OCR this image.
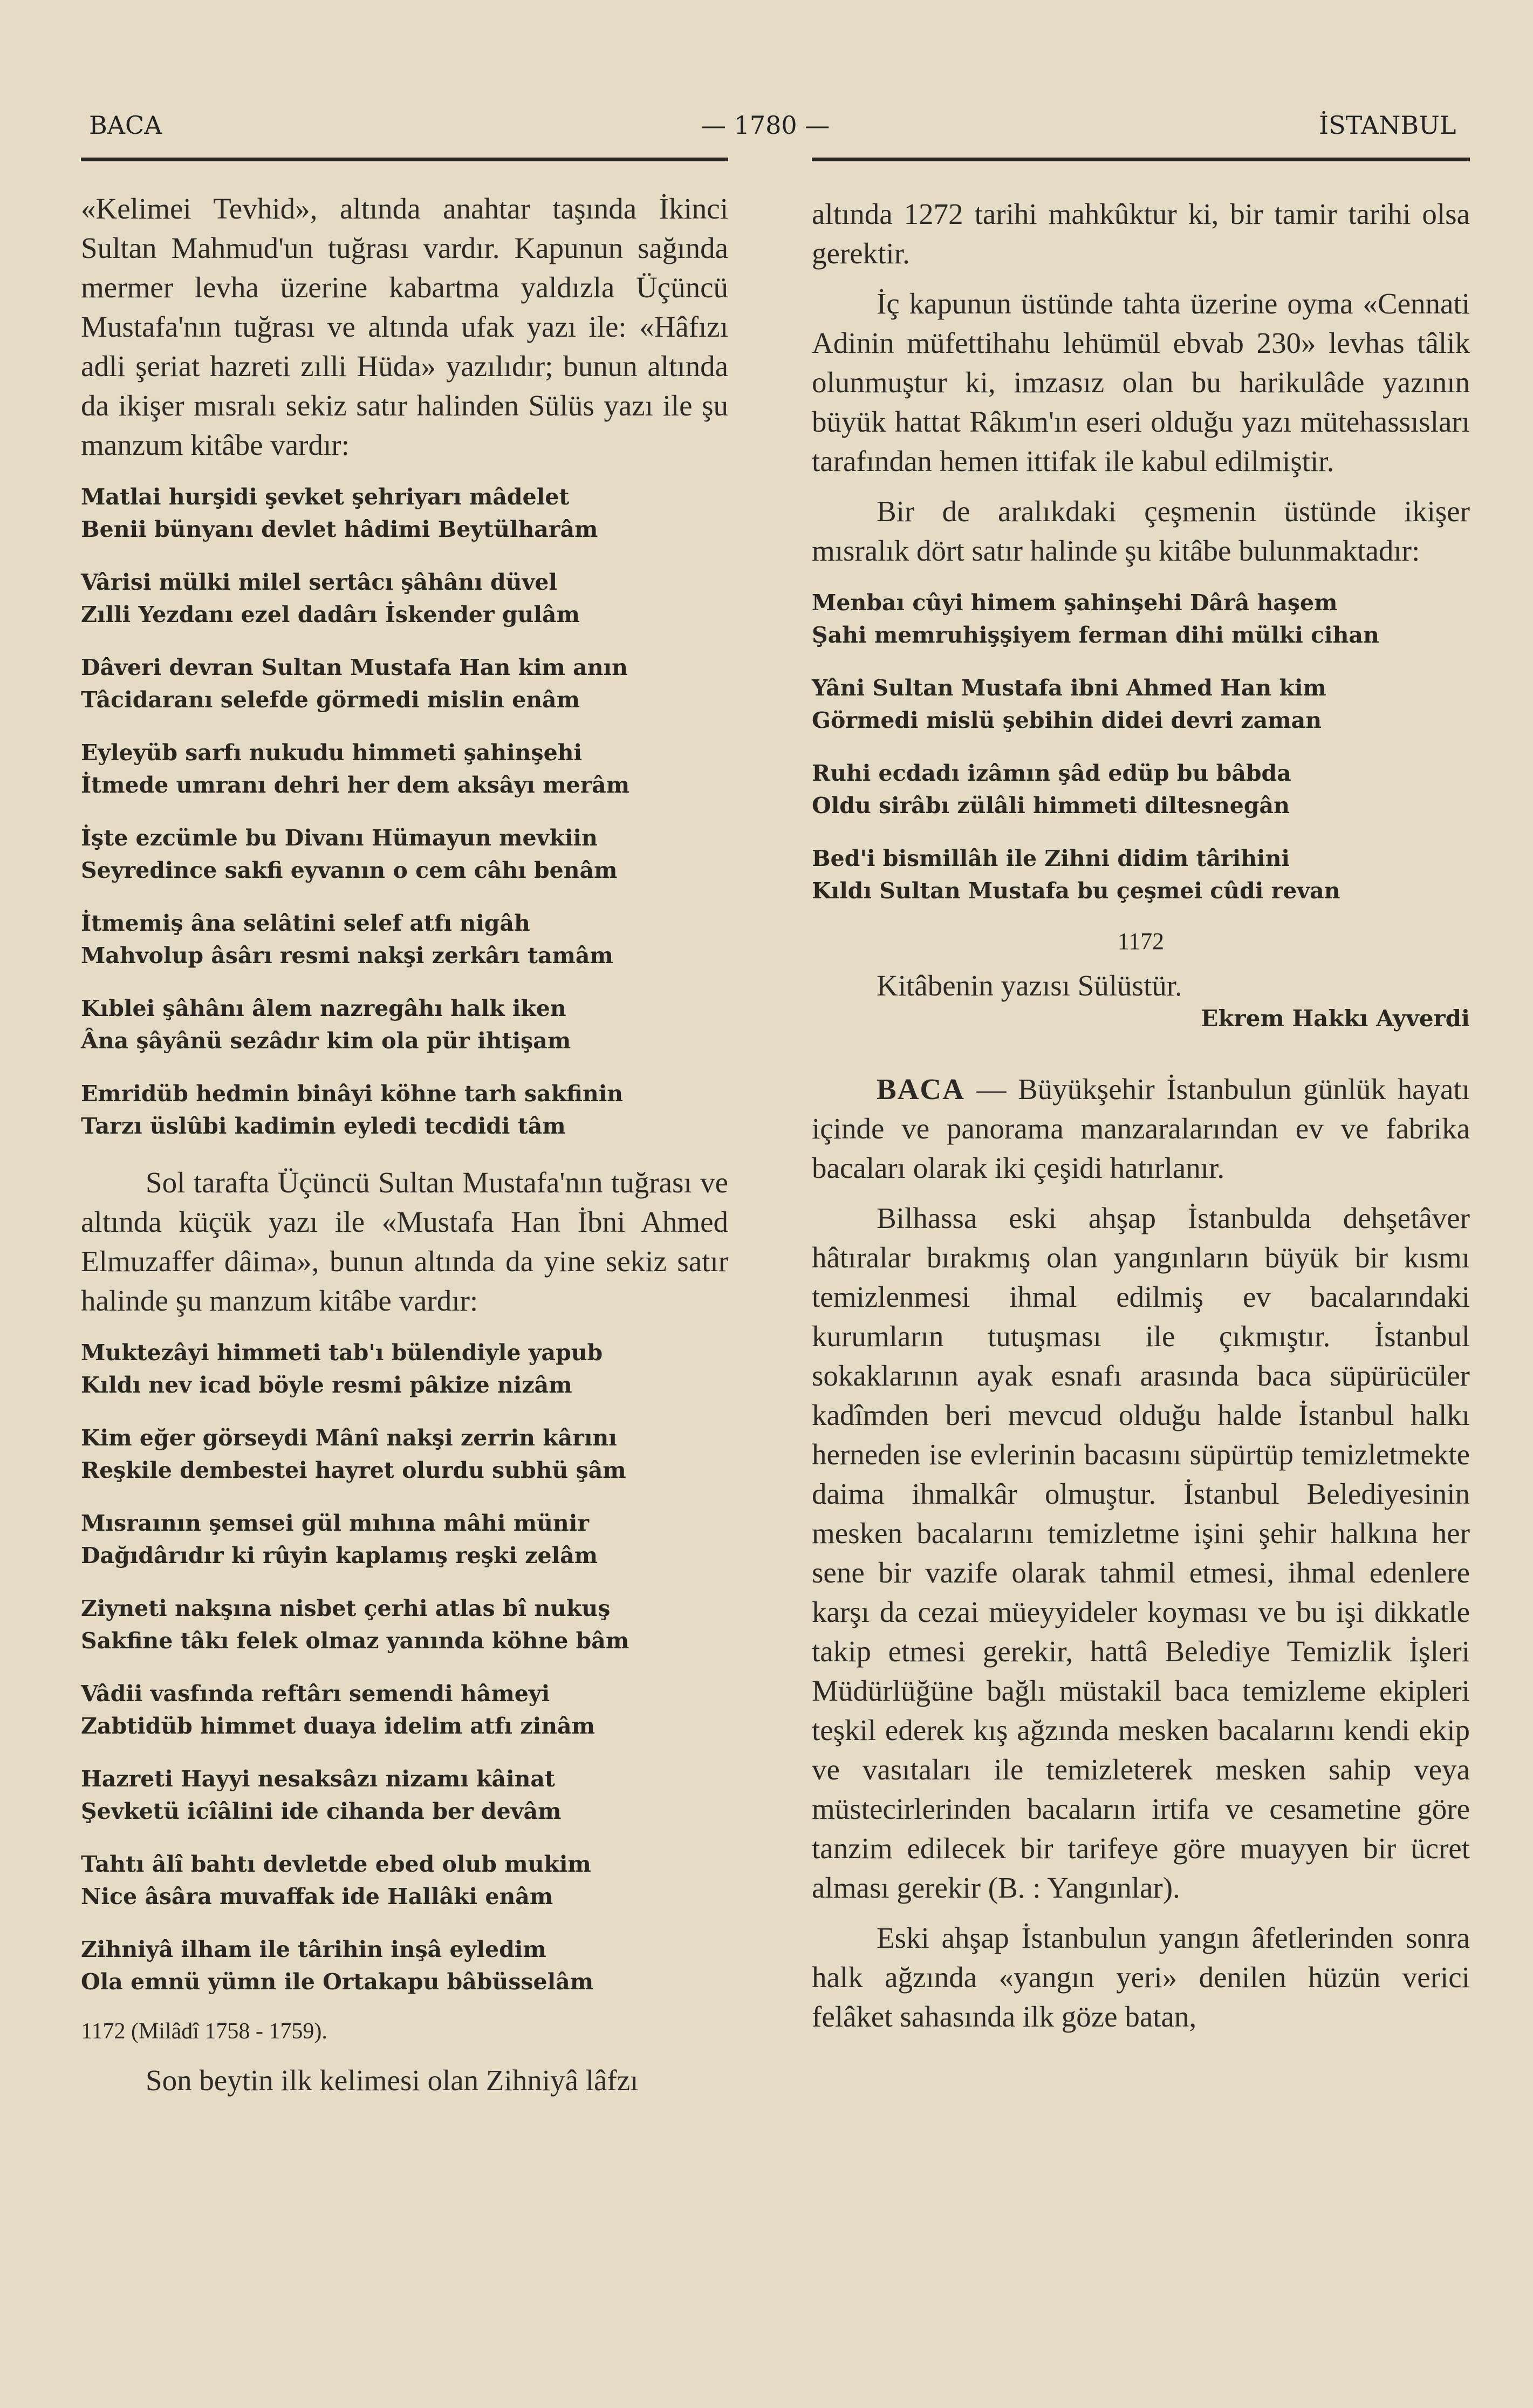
BACA	— 1780 —	İSTANBUL

«Kelimei Tevhid», altında anahtar taşında İkinci Sultan Mahmud'un tuğrası vardır. Kapunun sağında mermer levha üzerine kabartma yaldızla Üçüncü Mustafa'nın tuğrası ve altında ufak yazı ile: «Hâfızı adli şeriat hazreti zılli Hüda» yazılıdır; bunun altında da ikişer mısralı sekiz satır halinden Sülüs yazı ile şu manzum kitâbe vardır:

Matlai hurşidi şevket şehriyarı mâdelet
Benii bünyanı devlet hâdimi Beytülharâm
Vârisi mülki milel sertâcı şâhânı düvel
Zılli Yezdanı ezel dadârı İskender gulâm
Dâveri devran Sultan Mustafa Han kim anın
Tâcidaranı selefde görmedi mislin enâm
Eyleyüb sarfı nukudu himmeti şahinşehi
İtmede umranı dehri her dem aksâyı merâm
İşte ezcümle bu Divanı Hümayun mevkiin
Seyredince sakfi eyvanın o cem câhı benâm
İtmemiş âna selâtini selef atfı nigâh
Mahvolup âsârı resmi nakşi zerkârı tamâm
Kıblei şâhânı âlem nazregâhı halk iken
Âna şâyânü sezâdır kim ola pür ihtişam
Emridüb hedmin binâyi köhne tarh sakfinin
Tarzı üslûbi kadimin eyledi tecdidi tâm

Sol tarafta Üçüncü Sultan Mustafa'nın tuğrası ve altında küçük yazı ile «Mustafa Han İbni Ahmed Elmuzaffer dâima», bunun altında da yine sekiz satır halinde şu manzum kitâbe vardır:

Muktezâyi himmeti tab'ı bülendiyle yapub
Kıldı nev icad böyle resmi pâkize nizâm
Kim eğer görseydi Mânî nakşi zerrin kârını
Reşkile dembestei hayret olurdu subhü şâm
Mısraının şemsei gül mıhına mâhi münir
Dağıdârıdır ki rûyin kaplamış reşki zelâm
Ziyneti nakşına nisbet çerhi atlas bî nukuş
Sakfine tâkı felek olmaz yanında köhne bâm
Vâdii vasfında reftârı semendi hâmeyi
Zabtidüb himmet duaya idelim atfı zinâm
Hazreti Hayyi nesaksâzı nizamı kâinat
Şevketü icîâlini ide cihanda ber devâm
Tahtı âlî bahtı devletde ebed olub mukim
Nice âsâra muvaffak ide Hallâki enâm
Zihniyâ ilham ile târihin inşâ eyledim
Ola emnü yümn ile Ortakapu bâbüsselâm
1172 (Milâdî 1758 - 1759).

Son beytin ilk kelimesi olan Zihniyâ lâfzı

altında 1272 tarihi mahkûktur ki, bir tamir tarihi olsa gerektir.

İç kapunun üstünde tahta üzerine oyma «Cennati Adinin müfettihahu lehümül ebvab 230» levhas tâlik olunmuştur ki, imzasız olan bu harikulâde yazının büyük hattat Râkım'ın eseri olduğu yazı mütehassısları tarafından hemen ittifak ile kabul edilmiştir.

Bir de aralıkdaki çeşmenin üstünde ikişer mısralık dört satır halinde şu kitâbe bulunmaktadır:

Menbaı cûyi himem şahinşehi Dârâ haşem
Şahi memruhişşiyem ferman dihi mülki cihan
Yâni Sultan Mustafa ibni Ahmed Han kim
Görmedi mislü şebihin didei devri zaman
Ruhi ecdadı izâmın şâd edüp bu bâbda
Oldu sirâbı zülâli himmeti diltesnegân
Bed'i bismillâh ile Zihni didim târihini
Kıldı Sultan Mustafa bu çeşmei cûdi revan
1172

Kitâbenin yazısı Sülüstür.

Ekrem Hakkı Ayverdi

BACA — Büyükşehir İstanbulun günlük hayatı içinde ve panorama manzaralarından ev ve fabrika bacaları olarak iki çeşidi hatırlanır.

Bilhassa eski ahşap İstanbulda dehşetâver hâtıralar bırakmış olan yangınların büyük bir kısmı temizlenmesi ihmal edilmiş ev bacalarındaki kurumların tutuşması ile çıkmıştır. İstanbul sokaklarının ayak esnafı arasında baca süpürücüler kadîmden beri mevcud olduğu halde İstanbul halkı herneden ise evlerinin bacasını süpürtüp temizletmekte daima ihmalkâr olmuştur. İstanbul Belediyesinin mesken bacalarını temizletme işini şehir halkına her sene bir vazife olarak tahmil etmesi, ihmal edenlere karşı da cezai müeyyideler koyması ve bu işi dikkatle takip etmesi gerekir, hattâ Belediye Temizlik İşleri Müdürlüğüne bağlı müstakil baca temizleme ekipleri teşkil ederek kış ağzında mesken bacalarını kendi ekip ve vasıtaları ile temizleterek mesken sahip veya müstecirlerinden bacaların irtifa ve cesametine göre tanzim edilecek bir tarifeye göre muayyen bir ücret alması gerekir (B. : Yangınlar).

Eski ahşap İstanbulun yangın âfetlerinden sonra halk ağzında «yangın yeri» denilen hüzün verici felâket sahasında ilk göze batan,
